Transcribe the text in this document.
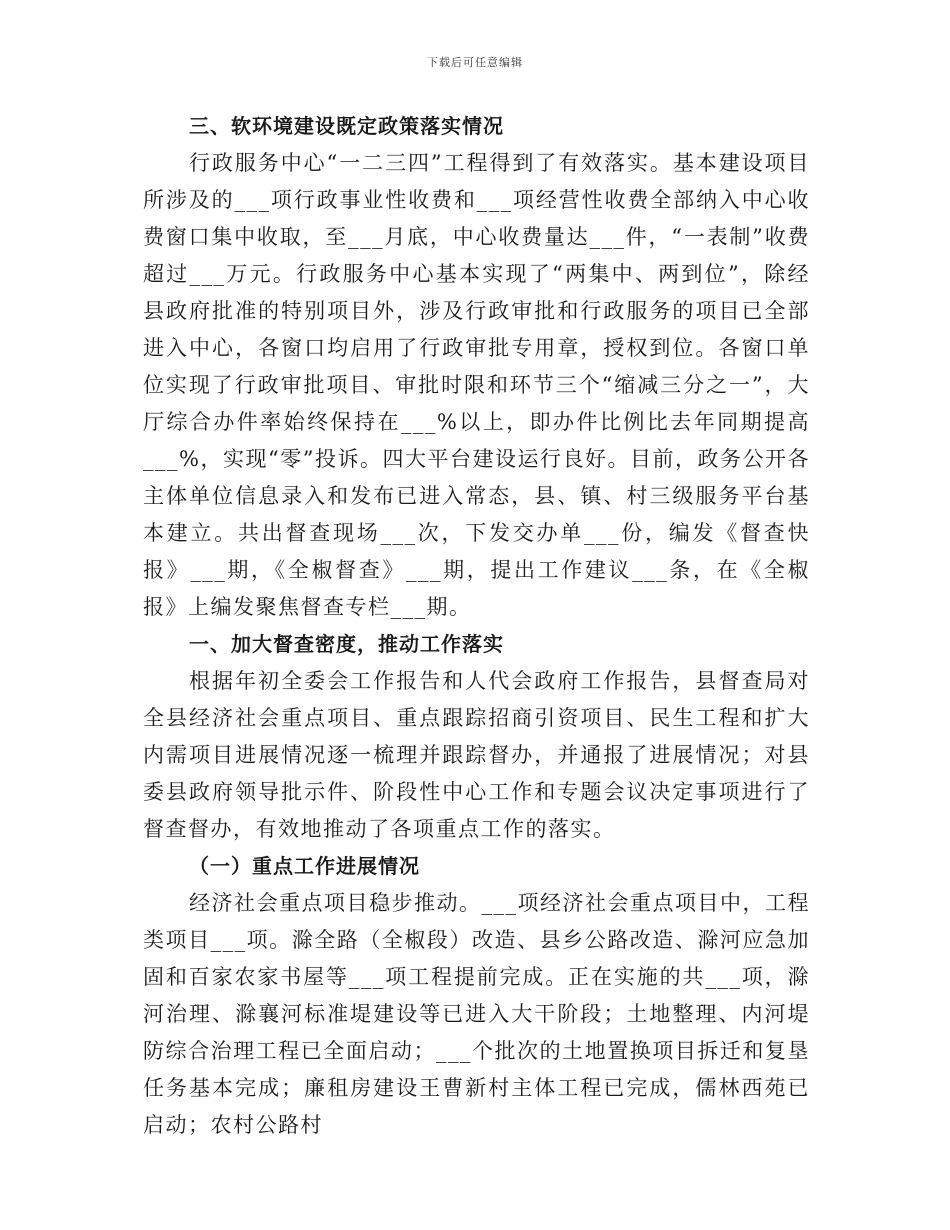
下载后可任意编辑

三、软环境建设既定政策落实情况

行政服务中心“一二三四”工程得到了有效落实。基本建设项目所涉及的___项行政事业性收费和___项经营性收费全部纳入中心收费窗口集中收取，至___月底，中心收费量达___件，“一表制”收费超过___万元。行政服务中心基本实现了“两集中、两到位”，除经县政府批准的特别项目外，涉及行政审批和行政服务的项目已全部进入中心，各窗口均启用了行政审批专用章，授权到位。各窗口单位实现了行政审批项目、审批时限和环节三个“缩减三分之一”，大厅综合办件率始终保持在___%以上，即办件比例比去年同期提高___%，实现“零”投诉。四大平台建设运行良好。目前，政务公开各主体单位信息录入和发布已进入常态，县、镇、村三级服务平台基本建立。共出督查现场___次，下发交办单___份，编发《督查快报》___期，《全椒督查》___期，提出工作建议___条，在《全椒报》上编发聚焦督查专栏___期。

一、加大督查密度，推动工作落实

根据年初全委会工作报告和人代会政府工作报告，县督查局对全县经济社会重点项目、重点跟踪招商引资项目、民生工程和扩大内需项目进展情况逐一梳理并跟踪督办，并通报了进展情况；对县委县政府领导批示件、阶段性中心工作和专题会议决定事项进行了督查督办，有效地推动了各项重点工作的落实。

（一）重点工作进展情况

经济社会重点项目稳步推动。___项经济社会重点项目中，工程类项目___项。滁全路（全椒段）改造、县乡公路改造、滁河应急加固和百家农家书屋等___项工程提前完成。正在实施的共___项，滁河治理、滁襄河标准堤建设等已进入大干阶段；土地整理、内河堤防综合治理工程已全面启动；___个批次的土地置换项目拆迁和复垦任务基本完成；廉租房建设王曹新村主体工程已完成，儒林西苑已启动；农村公路村
